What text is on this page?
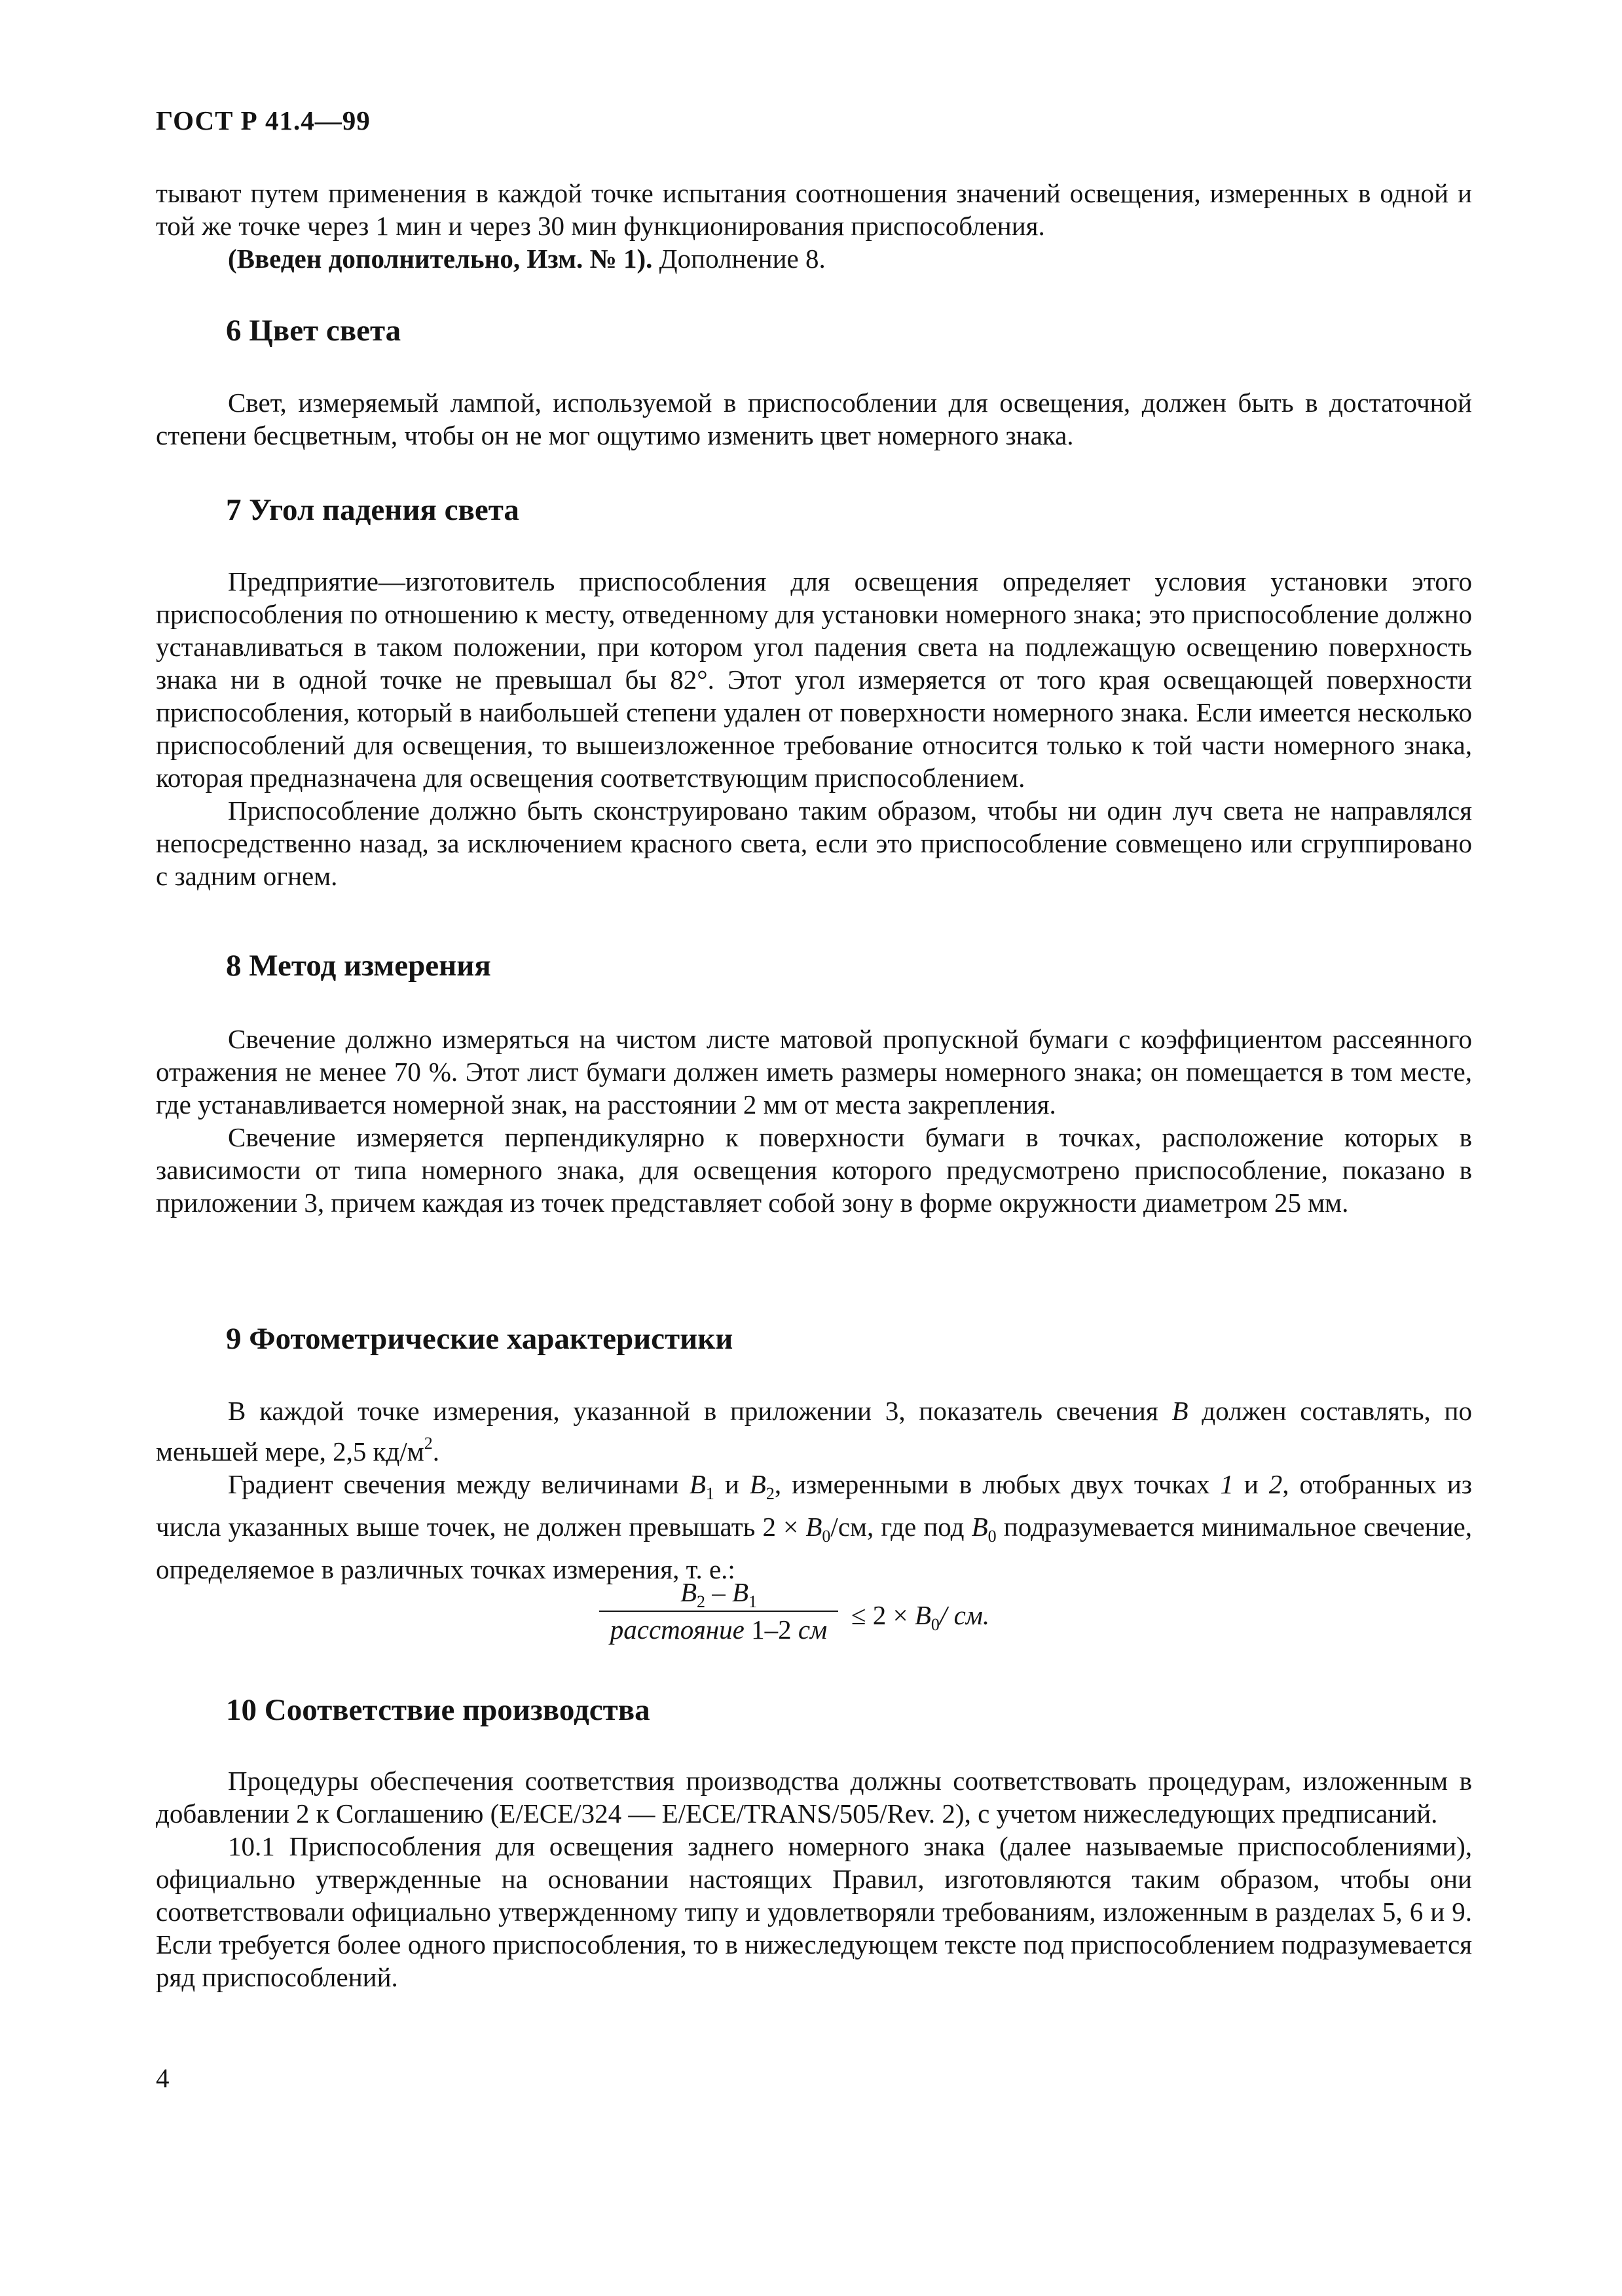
ГОСТ Р 41.4—99

тывают путем применения в каждой точке испытания соотношения значений освещения, измеренных в одной и той же точке через 1 мин и через 30 мин функционирования приспособления.

(Введен дополнительно, Изм. № 1). Дополнение 8.

6 Цвет света

Свет, измеряемый лампой, используемой в приспособлении для освещения, должен быть в достаточной степени бесцветным, чтобы он не мог ощутимо изменить цвет номерного знака.

7 Угол падения света

Предприятие—изготовитель приспособления для освещения определяет условия установки этого приспособления по отношению к месту, отведенному для установки номерного знака; это приспособление должно устанавливаться в таком положении, при котором угол падения света на подлежащую освещению поверхность знака ни в одной точке не превышал бы 82°. Этот угол измеряется от того края освещающей поверхности приспособления, который в наибольшей степени удален от поверхности номерного знака. Если имеется несколько приспособлений для освещения, то вышеизложенное требование относится только к той части номерного знака, которая предназначена для освещения соответствующим приспособлением.

Приспособление должно быть сконструировано таким образом, чтобы ни один луч света не направлялся непосредственно назад, за исключением красного света, если это приспособление совмещено или сгруппировано с задним огнем.

8 Метод измерения

Свечение должно измеряться на чистом листе матовой пропускной бумаги с коэффициентом рассеянного отражения не менее 70 %. Этот лист бумаги должен иметь размеры номерного знака; он помещается в том месте, где устанавливается номерной знак, на расстоянии 2 мм от места закрепления.

Свечение измеряется перпендикулярно к поверхности бумаги в точках, расположение которых в зависимости от типа номерного знака, для освещения которого предусмотрено приспособление, показано в приложении 3, причем каждая из точек представляет собой зону в форме окружности диаметром 25 мм.

9 Фотометрические характеристики

В каждой точке измерения, указанной в приложении 3, показатель свечения B должен составлять, по меньшей мере, 2,5 $кд/м^2$.

Градиент свечения между величинами $B_1$ и $B_2$, измеренными в любых двух точках 1 и 2, отобранных из числа указанных выше точек, не должен превышать $2 \times B_0/см$, где под $B_0$ подразумевается минимальное свечение, определяемое в различных точках измерения, т. е.:

$B_2 - B_1$
расстояние 1–2 см ≤ $2 \times B_0/$ см.
10 Соответствие производства

Процедуры обеспечения соответствия производства должны соответствовать процедурам, изложенным в добавлении 2 к Соглашению (E/ECE/324 — E/ECE/TRANS/505/Rev. 2), с учетом нижеследующих предписаний.

10.1 Приспособления для освещения заднего номерного знака (далее называемые приспособлениями), официально утвержденные на основании настоящих Правил, изготовляются таким образом, чтобы они соответствовали официально утвержденному типу и удовлетворяли требованиям, изложенным в разделах 5, 6 и 9. Если требуется более одного приспособления, то в нижеследующем тексте под приспособлением подразумевается ряд приспособлений.

4
